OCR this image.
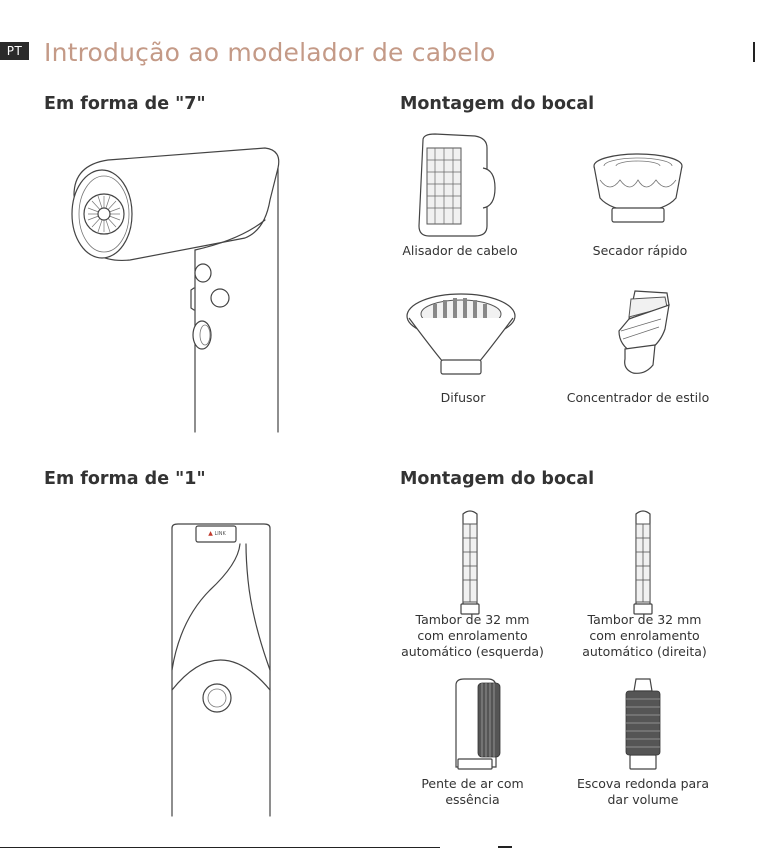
PT Introdução ao modelador de cabelo
Em forma de "7"	Montagem do bocal
Em forma de "1"	Montagem do bocal
▲ LINK
Alisador de cabelo	Secador rápido
Difusor	Concentrador de estilo
Tambor de 32 mm
com enrolamento
automático (esquerda)
Tambor de 32 mm
com enrolamento
automático (direita)
Pente de ar com
essência
Escova redonda para
dar volume
